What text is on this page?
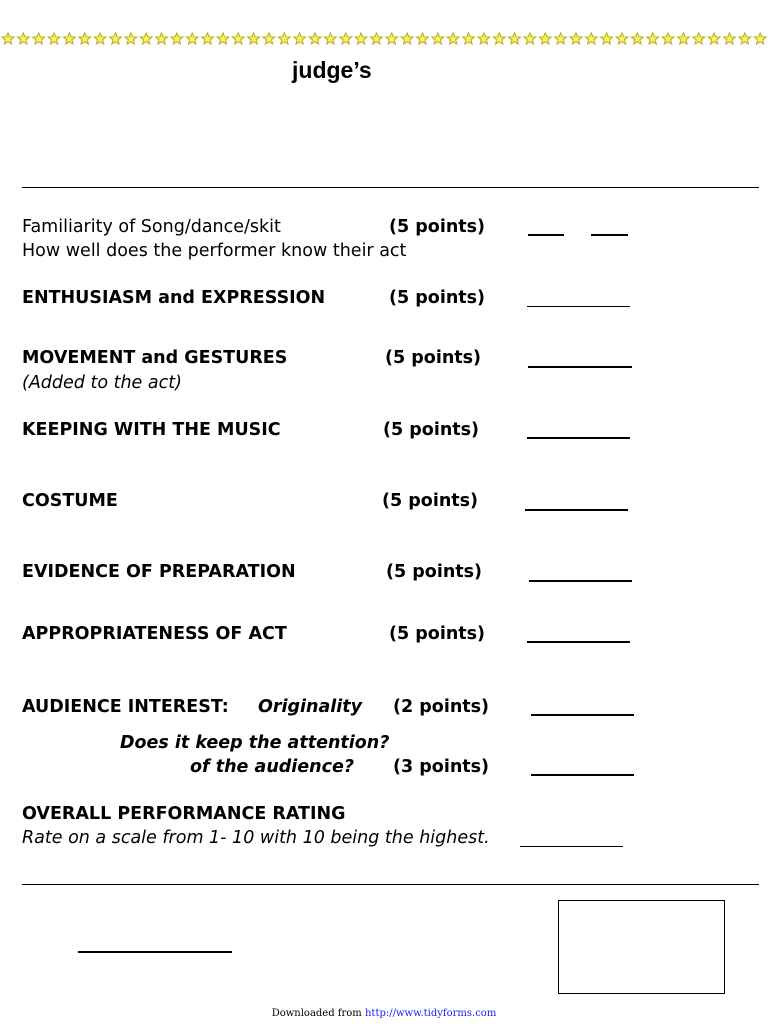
judge’s
Familiarity of Song/dance/skit	(5 points)
How well does the performer know their act
ENTHUSIASM and EXPRESSION	(5 points)
MOVEMENT and GESTURES	(5 points)
(Added to the act)
KEEPING WITH THE MUSIC	(5 points)
COSTUME	(5 points)
EVIDENCE OF PREPARATION	(5 points)
APPROPRIATENESS OF ACT	(5 points)
AUDIENCE INTEREST: Originality (2 points)
Does it keep the attention?
of the audience? (3 points)
OVERALL PERFORMANCE RATING
Rate on a scale from 1- 10 with 10 being the highest.
Downloaded from http://www.tidyforms.com
